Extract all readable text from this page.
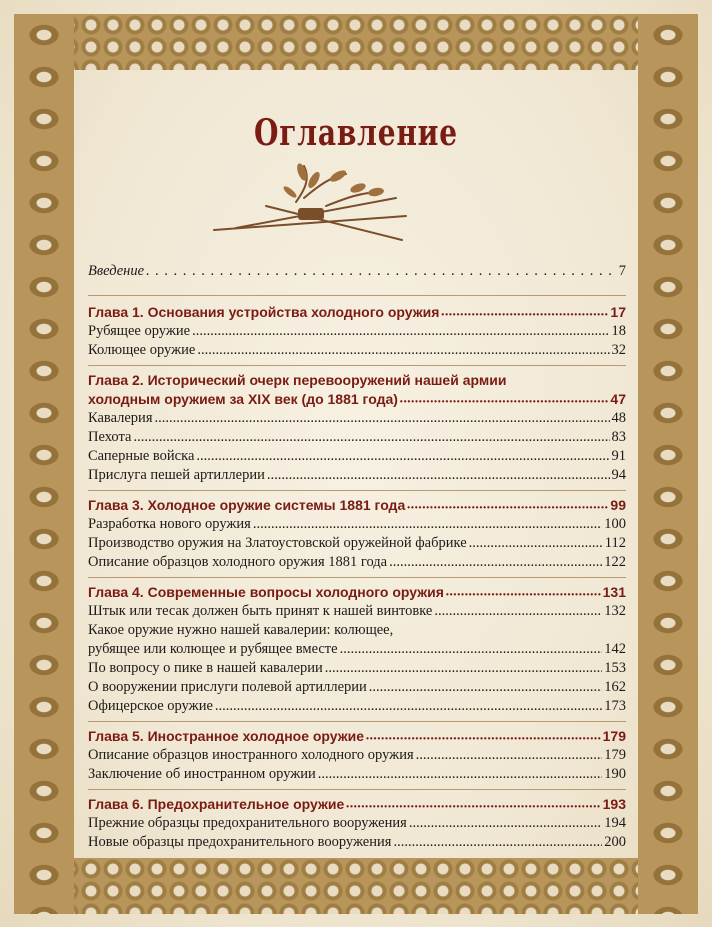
Оглавление
Введение . . .	7
Глава 1. Основания устройства холодного оружия •••••	17
Рубящее оружие .....	18
Колющее оружие .....	32
Глава 2. Исторический очерк перевооружений нашей армии
холодным оружием за XIX век (до 1881 года) •••••	47
Кавалерия .....	48
Пехота .....	83
Саперные войска .....	91
Прислуга пешей артиллерии .....	94
Глава 3. Холодное оружие системы 1881 года •••••	99
Разработка нового оружия .....	100
Производство оружия на Златоустовской оружейной фабрике .....	112
Описание образцов холодного оружия 1881 года .....	122
Глава 4. Современные вопросы холодного оружия •••••	131
Штык или тесак должен быть принят к нашей винтовке .....	132
Какое оружие нужно нашей кавалерии: колющее,
рубящее или колющее и рубящее вместе .....	142
По вопросу о пике в нашей кавалерии .....	153
О вооружении прислуги полевой артиллерии .....	162
Офицерское оружие .....	173
Глава 5. Иностранное холодное оружие •••••	179
Описание образцов иностранного холодного оружия .....	179
Заключение об иностранном оружии .....	190
Глава 6. Предохранительное оружие •••••	193
Прежние образцы предохранительного вооружения .....	194
Новые образцы предохранительного вооружения .....	200
